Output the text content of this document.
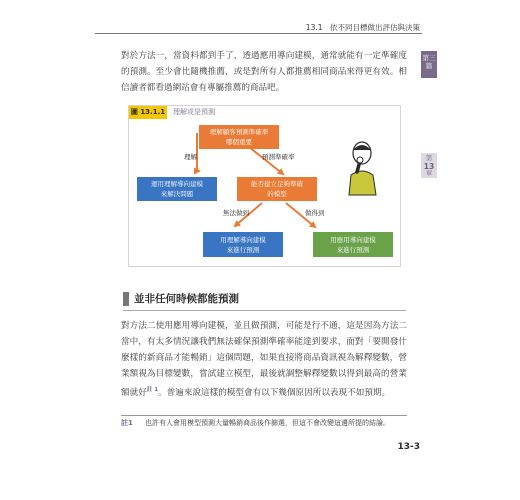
13.1　依不同目標做出評估與決策
第三篇
第
13
章

對於方法一，當資料都到手了，透過應用導向建模，通常就能有一定準確度的預測。至少會比隨機推薦，或是對所有人都推薦相同商品來得更有效。相信讀者都看過網站會有專屬推薦的商品吧。

圖 13.1.1 理解或是預測
理解顧客預測準確率
哪個重要
理解	預測準確率
運用理解導向建模
來解決問題
能否建立足夠準確
的模型
無法做到	做得到
用理解導向建模
來進行預測
用應用導向建模
來進行預測
並非任何時候都能預測

對方法二使用應用導向建模，並且做預測，可能是行不通，這是因為方法二當中，有太多情況讓我們無法確保預測準確率能達到要求，面對「要開發什麼樣的新商品才能暢銷」這個問題，如果直接將商品資訊視為解釋變數，營業額視為目標變數，嘗試建立模型，最後就調整解釋變數以得到最高的營業額就好$^{註 1}$。普遍來說這樣的模型會有以下幾個原因所以表現不如預期。

註1 也許有人會用模型預測大量暢銷商品後作篩選，但這不會改變這邊所提的結論。
13-3
